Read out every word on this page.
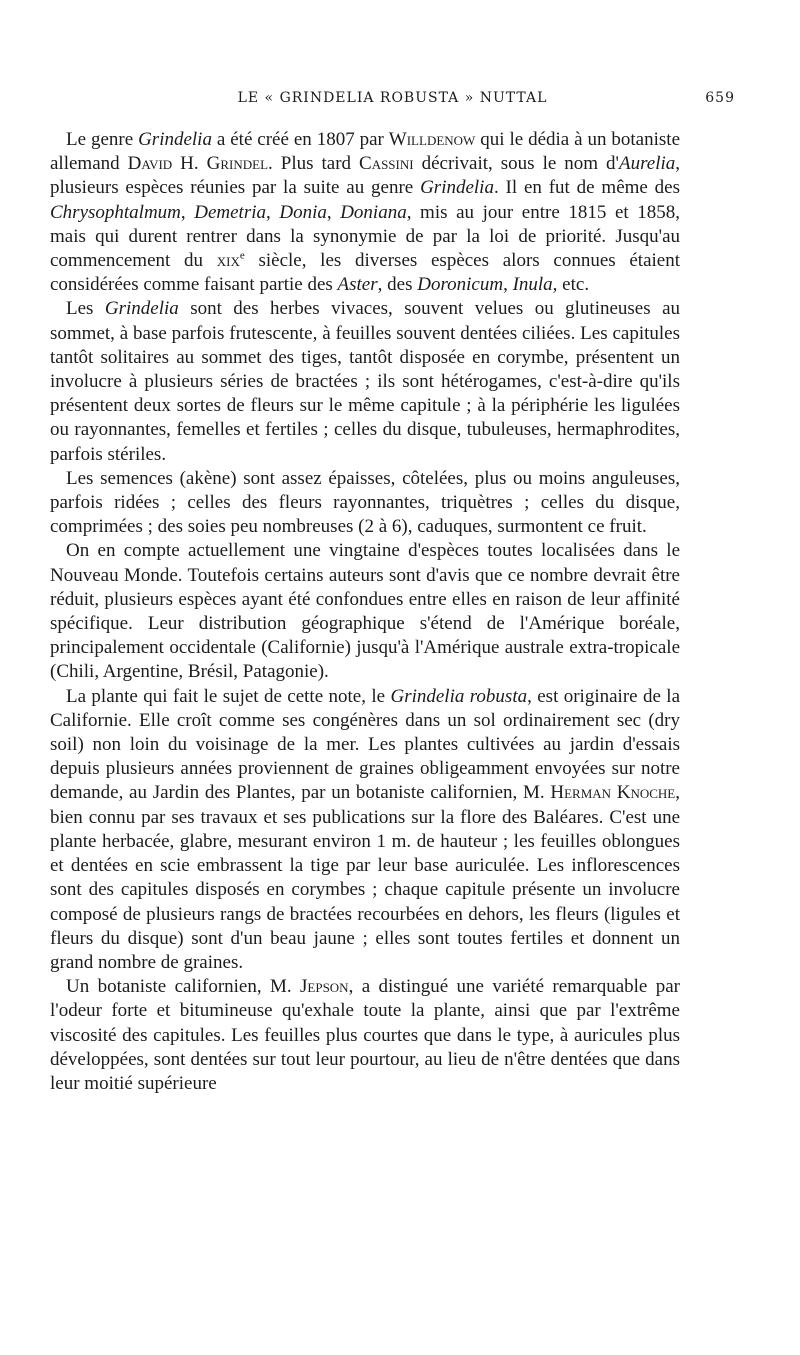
LE « GRINDELIA ROBUSTA » NUTTAL	659

Le genre Grindelia a été créé en 1807 par Willdenow qui le dédia à un botaniste allemand David H. Grindel. Plus tard Cassini décrivait, sous le nom d'Aurelia, plusieurs espèces réunies par la suite au genre Grindelia. Il en fut de même des Chrysophtalmum, Demetria, Donia, Doniana, mis au jour entre 1815 et 1858, mais qui durent rentrer dans la synonymie de par la loi de priorité. Jusqu'au commencement du xix$^e$ siècle, les diverses espèces alors connues étaient considérées comme faisant partie des Aster, des Doronicum, Inula, etc.

Les Grindelia sont des herbes vivaces, souvent velues ou glutineuses au sommet, à base parfois frutescente, à feuilles souvent dentées ciliées. Les capitules tantôt solitaires au sommet des tiges, tantôt disposée en corymbe, présentent un involucre à plusieurs séries de bractées ; ils sont hétérogames, c'est-à-dire qu'ils présentent deux sortes de fleurs sur le même capitule ; à la périphérie les ligulées ou rayonnantes, femelles et fertiles ; celles du disque, tubuleuses, hermaphrodites, parfois stériles.

Les semences (akène) sont assez épaisses, côtelées, plus ou moins anguleuses, parfois ridées ; celles des fleurs rayonnantes, triquètres ; celles du disque, comprimées ; des soies peu nombreuses (2 à 6), caduques, surmontent ce fruit.

On en compte actuellement une vingtaine d'espèces toutes localisées dans le Nouveau Monde. Toutefois certains auteurs sont d'avis que ce nombre devrait être réduit, plusieurs espèces ayant été confondues entre elles en raison de leur affinité spécifique. Leur distribution géographique s'étend de l'Amérique boréale, principalement occidentale (Californie) jusqu'à l'Amérique australe extra-tropicale (Chili, Argentine, Brésil, Patagonie).

La plante qui fait le sujet de cette note, le Grindelia robusta, est originaire de la Californie. Elle croît comme ses congénères dans un sol ordinairement sec (dry soil) non loin du voisinage de la mer. Les plantes cultivées au jardin d'essais depuis plusieurs années proviennent de graines obligeamment envoyées sur notre demande, au Jardin des Plantes, par un botaniste californien, M. Herman Knoche, bien connu par ses travaux et ses publications sur la flore des Baléares. C'est une plante herbacée, glabre, mesurant environ 1 m. de hauteur ; les feuilles oblongues et dentées en scie embrassent la tige par leur base auriculée. Les inflorescences sont des capitules disposés en corymbes ; chaque capitule présente un involucre composé de plusieurs rangs de bractées recourbées en dehors, les fleurs (ligules et fleurs du disque) sont d'un beau jaune ; elles sont toutes fertiles et donnent un grand nombre de graines.

Un botaniste californien, M. Jepson, a distingué une variété remarquable par l'odeur forte et bitumineuse qu'exhale toute la plante, ainsi que par l'extrême viscosité des capitules. Les feuilles plus courtes que dans le type, à auricules plus développées, sont dentées sur tout leur pourtour, au lieu de n'être dentées que dans leur moitié supérieure
